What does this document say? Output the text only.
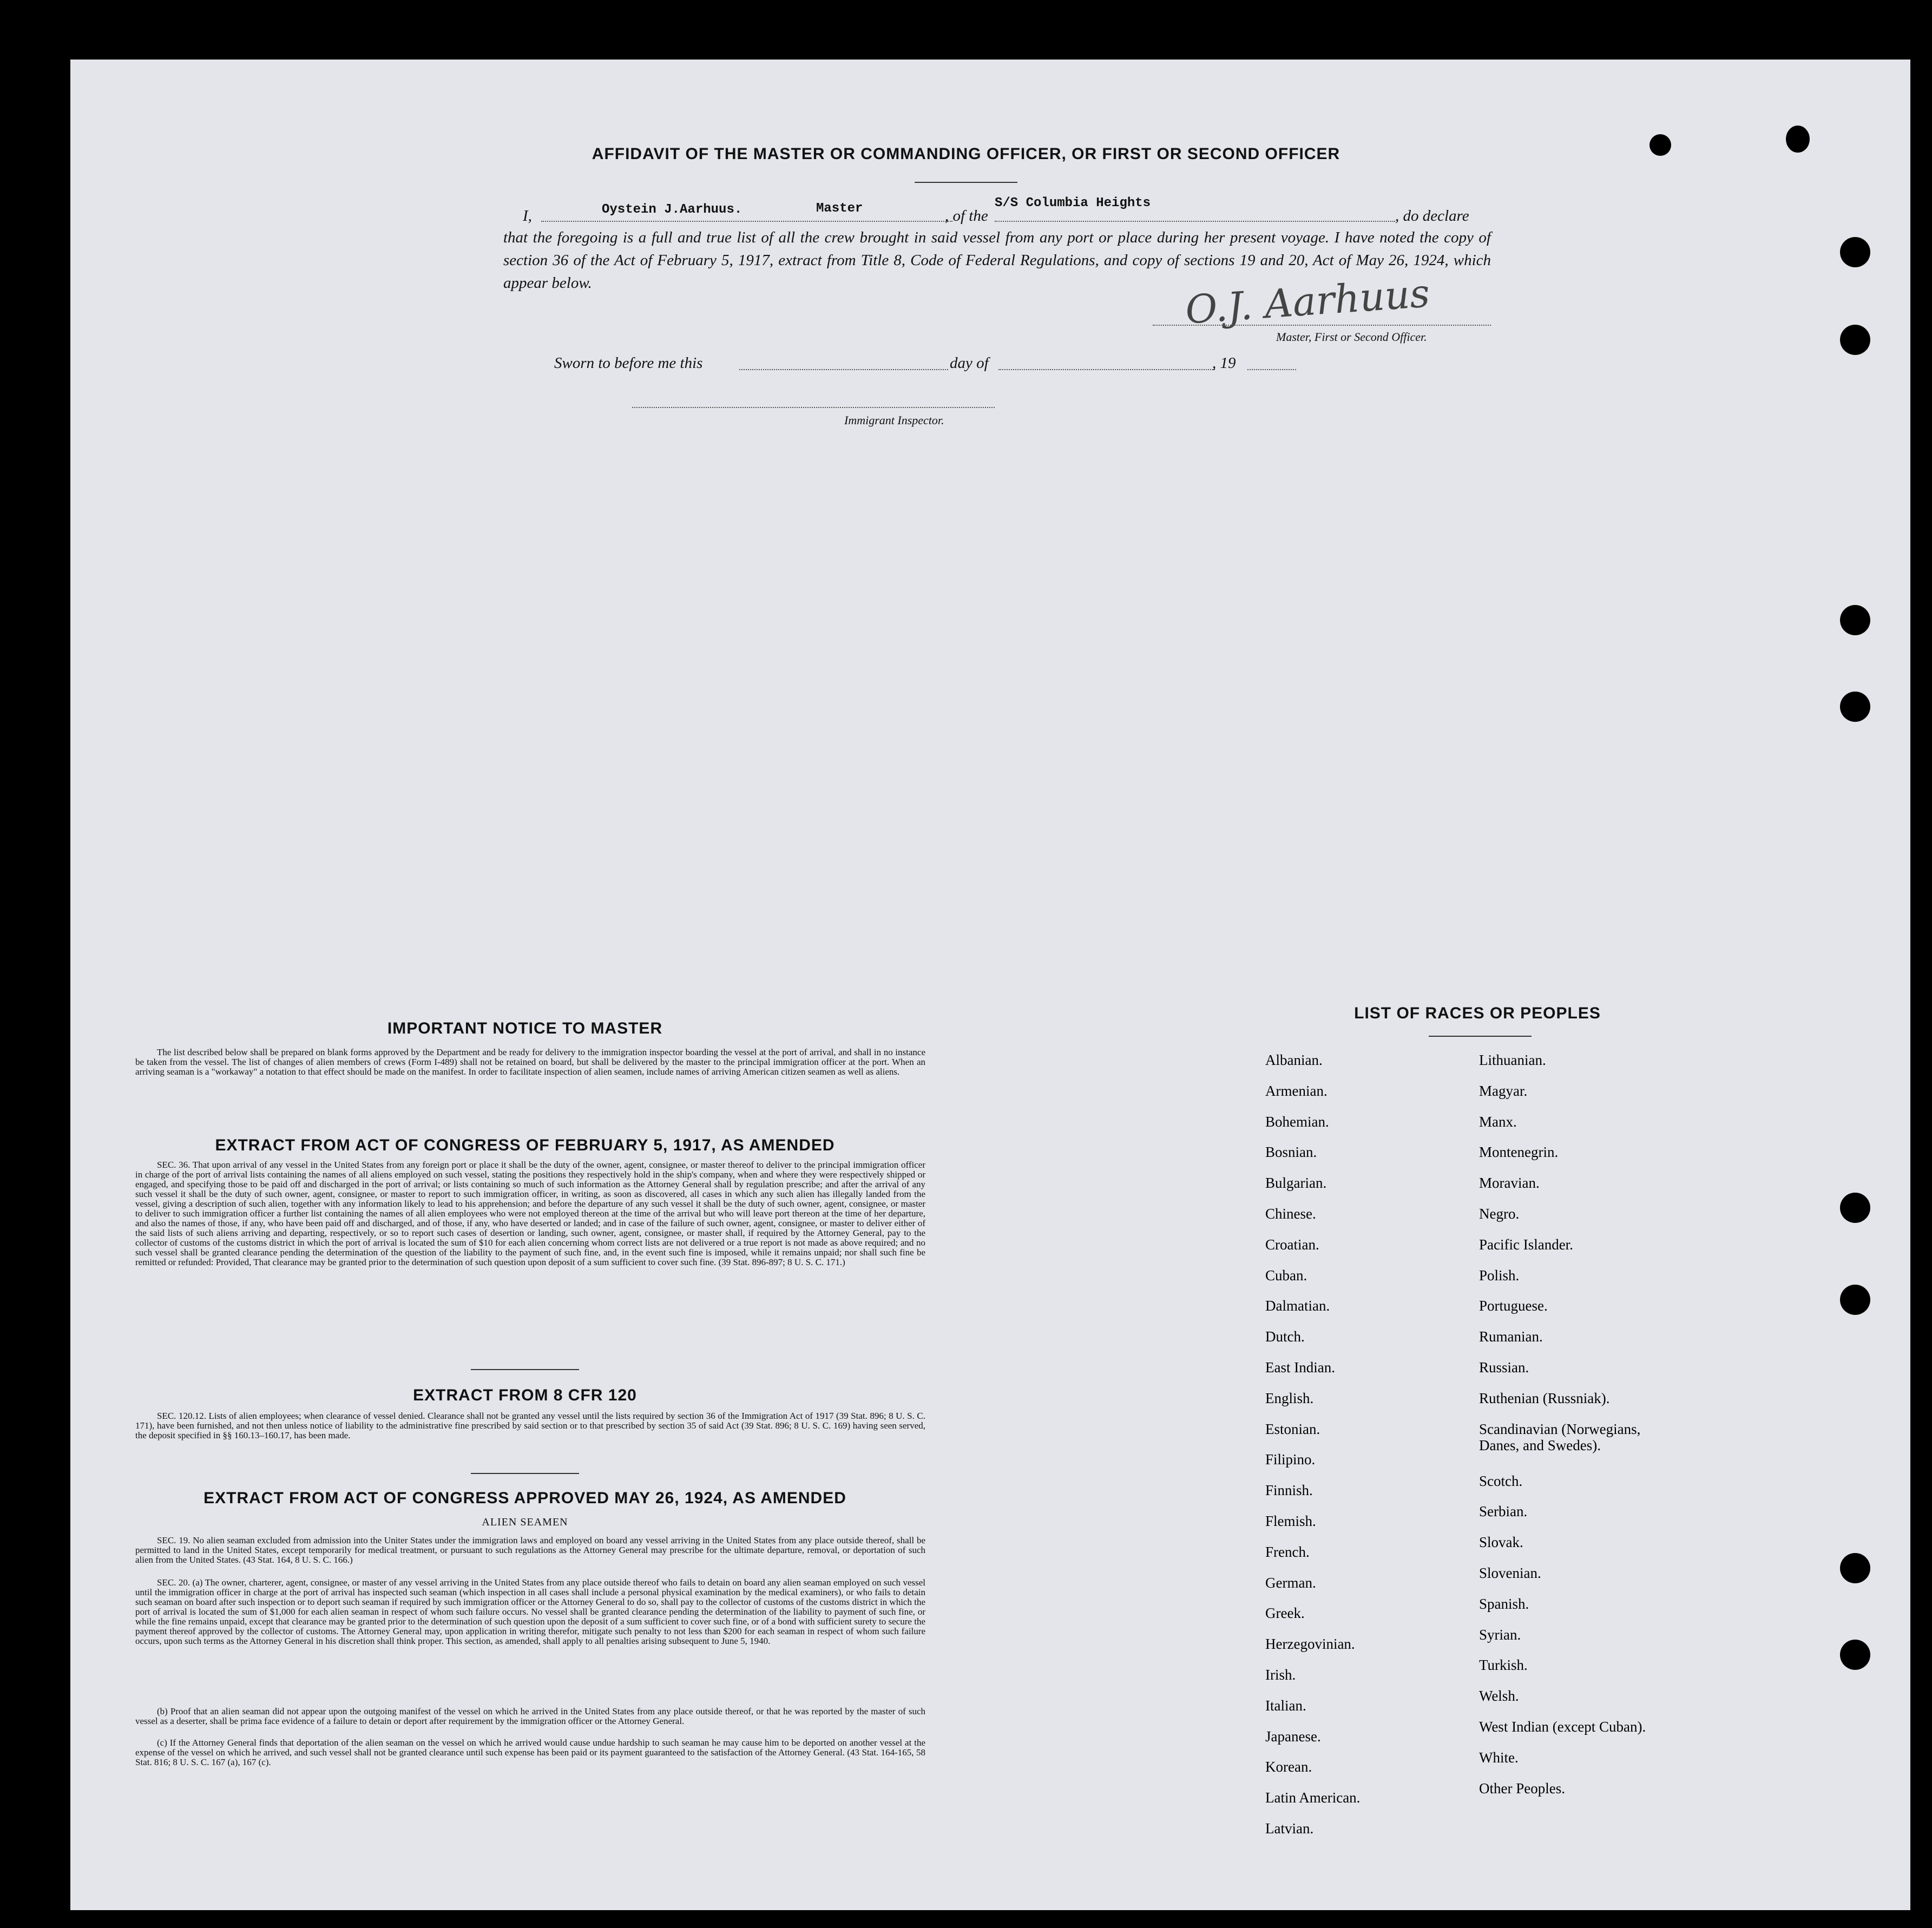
AFFIDAVIT OF THE MASTER OR COMMANDING OFFICER, OR FIRST OR SECOND OFFICER
I,	Oystein J.Aarhuus.	Master	, of the
S/S Columbia Heights
, do declare
that the foregoing is a full and true list of all the crew brought in said vessel from any port or place during her present voyage. I have noted the copy of section 36 of the Act of February 5, 1917, extract from Title 8, Code of Federal Regulations, and copy of sections 19 and 20, Act of May 26, 1924, which appear below.	O.J. Aarhuus
Master, First or Second Officer.
Sworn to before me this	day of	, 19
Immigrant Inspector.
IMPORTANT NOTICE TO MASTER
The list described below shall be prepared on blank forms approved by the Department and be ready for delivery to the immigration inspector boarding the vessel at the port of arrival, and shall in no instance be taken from the vessel. The list of changes of alien members of crews (Form I-489) shall not be retained on board, but shall be delivered by the master to the principal immigration officer at the port. When an arriving seaman is a "workaway" a notation to that effect should be made on the manifest. In order to facilitate inspection of alien seamen, include names of arriving American citizen seamen as well as aliens.
EXTRACT FROM ACT OF CONGRESS OF FEBRUARY 5, 1917, AS AMENDED
SEC. 36. That upon arrival of any vessel in the United States from any foreign port or place it shall be the duty of the owner, agent, consignee, or master thereof to deliver to the principal immigration officer in charge of the port of arrival lists containing the names of all aliens employed on such vessel, stating the positions they respectively hold in the ship's company, when and where they were respectively shipped or engaged, and specifying those to be paid off and discharged in the port of arrival; or lists containing so much of such information as the Attorney General shall by regulation prescribe; and after the arrival of any such vessel it shall be the duty of such owner, agent, consignee, or master to report to such immigration officer, in writing, as soon as discovered, all cases in which any such alien has illegally landed from the vessel, giving a description of such alien, together with any information likely to lead to his apprehension; and before the departure of any such vessel it shall be the duty of such owner, agent, consignee, or master to deliver to such immigration officer a further list containing the names of all alien employees who were not employed thereon at the time of the arrival but who will leave port thereon at the time of her departure, and also the names of those, if any, who have been paid off and discharged, and of those, if any, who have deserted or landed; and in case of the failure of such owner, agent, consignee, or master to deliver either of the said lists of such aliens arriving and departing, respectively, or so to report such cases of desertion or landing, such owner, agent, consignee, or master shall, if required by the Attorney General, pay to the collector of customs of the customs district in which the port of arrival is located the sum of $10 for each alien concerning whom correct lists are not delivered or a true report is not made as above required; and no such vessel shall be granted clearance pending the determination of the question of the liability to the payment of such fine, and, in the event such fine is imposed, while it remains unpaid; nor shall such fine be remitted or refunded: Provided, That clearance may be granted prior to the determination of such question upon deposit of a sum sufficient to cover such fine. (39 Stat. 896-897; 8 U. S. C. 171.)
EXTRACT FROM 8 CFR 120
SEC. 120.12. Lists of alien employees; when clearance of vessel denied. Clearance shall not be granted any vessel until the lists required by section 36 of the Immigration Act of 1917 (39 Stat. 896; 8 U. S. C. 171), have been furnished, and not then unless notice of liability to the administrative fine prescribed by said section or to that prescribed by section 35 of said Act (39 Stat. 896; 8 U. S. C. 169) having seen served, the deposit specified in §§ 160.13–160.17, has been made.
EXTRACT FROM ACT OF CONGRESS APPROVED MAY 26, 1924, AS AMENDED
ALIEN SEAMEN
SEC. 19. No alien seaman excluded from admission into the Uniter States under the immigration laws and employed on board any vessel arriving in the United States from any place outside thereof, shall be permitted to land in the United States, except temporarily for medical treatment, or pursuant to such regulations as the Attorney General may prescribe for the ultimate departure, removal, or deportation of such alien from the United States. (43 Stat. 164, 8 U. S. C. 166.)
SEC. 20. (a) The owner, charterer, agent, consignee, or master of any vessel arriving in the United States from any place outside thereof who fails to detain on board any alien seaman employed on such vessel until the immigration officer in charge at the port of arrival has inspected such seaman (which inspection in all cases shall include a personal physical examination by the medical examiners), or who fails to detain such seaman on board after such inspection or to deport such seaman if required by such immigration officer or the Attorney General to do so, shall pay to the collector of customs of the customs district in which the port of arrival is located the sum of $1,000 for each alien seaman in respect of whom such failure occurs. No vessel shall be granted clearance pending the determination of the liability to payment of such fine, or while the fine remains unpaid, except that clearance may be granted prior to the determination of such question upon the deposit of a sum sufficient to cover such fine, or of a bond with sufficient surety to secure the payment thereof approved by the collector of customs. The Attorney General may, upon application in writing therefor, mitigate such penalty to not less than $200 for each seaman in respect of whom such failure occurs, upon such terms as the Attorney General in his discretion shall think proper. This section, as amended, shall apply to all penalties arising subsequent to June 5, 1940.
(b) Proof that an alien seaman did not appear upon the outgoing manifest of the vessel on which he arrived in the United States from any place outside thereof, or that he was reported by the master of such vessel as a deserter, shall be prima face evidence of a failure to detain or deport after requirement by the immigration officer or the Attorney General.
(c) If the Attorney General finds that deportation of the alien seaman on the vessel on which he arrived would cause undue hardship to such seaman he may cause him to be deported on another vessel at the expense of the vessel on which he arrived, and such vessel shall not be granted clearance until such expense has been paid or its payment guaranteed to the satisfaction of the Attorney General. (43 Stat. 164-165, 58 Stat. 816; 8 U. S. C. 167 (a), 167 (c).
LIST OF RACES OR PEOPLES
Albanian.
Armenian.
Bohemian.
Bosnian.
Bulgarian.
Chinese.
Croatian.
Cuban.
Dalmatian.
Dutch.
East Indian.
English.
Estonian.
Filipino.
Finnish.
Flemish.
French.
German.
Greek.
Herzegovinian.
Irish.
Italian.
Japanese.
Korean.
Latin American.
Latvian.
Lithuanian.
Magyar.
Manx.
Montenegrin.
Moravian.
Negro.
Pacific Islander.
Polish.
Portuguese.
Rumanian.
Russian.
Ruthenian (Russniak).
Scandinavian (Norwegians,
Danes, and Swedes).
Scotch.
Serbian.
Slovak.
Slovenian.
Spanish.
Syrian.
Turkish.
Welsh.
West Indian (except Cuban).
White.
Other Peoples.
